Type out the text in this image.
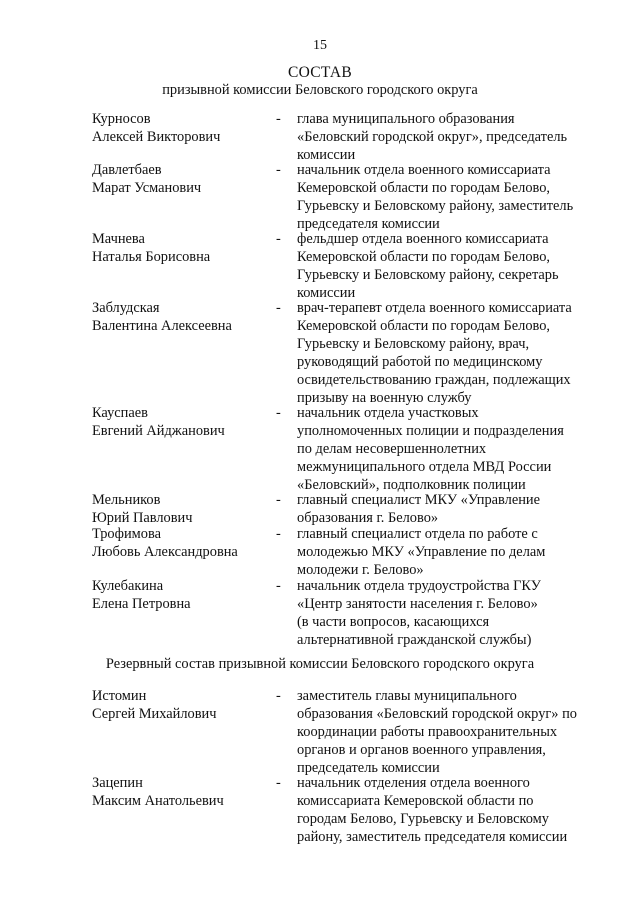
15
СОСТАВ
призывной комиссии Беловского городского округа
Курносов
Алексей Викторович
- глава муниципального образования
«Беловский городской округ», председатель
комиссии
Давлетбаев
Марат Усманович
- начальник отдела военного комиссариата
Кемеровской области по городам Белово,
Гурьевску и Беловскому району, заместитель
председателя комиссии
Мачнева
Наталья Борисовна
- фельдшер отдела военного комиссариата
Кемеровской области по городам Белово,
Гурьевску и Беловскому району, секретарь
комиссии
Заблудская
Валентина Алексеевна
- врач-терапевт отдела военного комиссариата
Кемеровской области по городам Белово,
Гурьевску и Беловскому району, врач,
руководящий работой по медицинскому
освидетельствованию граждан, подлежащих
призыву на военную службу
Кауспаев
Евгений Айджанович
- начальник отдела участковых
уполномоченных полиции и подразделения
по делам несовершеннолетних
межмуниципального отдела МВД России
«Беловский», подполковник полиции
Мельников
Юрий Павлович
- главный специалист МКУ «Управление
образования г. Белово»
Трофимова
Любовь Александровна
- главный специалист отдела по работе с
молодежью МКУ «Управление по делам
молодежи г. Белово»
Кулебакина
Елена Петровна
- начальник отдела трудоустройства ГКУ
«Центр занятости населения г. Белово»
(в части вопросов, касающихся
альтернативной гражданской службы)
Резервный состав призывной комиссии Беловского городского округа
Истомин
Сергей Михайлович
- заместитель главы муниципального
образования «Беловский городской округ» по
координации работы правоохранительных
органов и органов военного управления,
председатель комиссии
Зацепин
Максим Анатольевич
- начальник отделения отдела военного
комиссариата Кемеровской области по
городам Белово, Гурьевску и Беловскому
району, заместитель председателя комиссии
